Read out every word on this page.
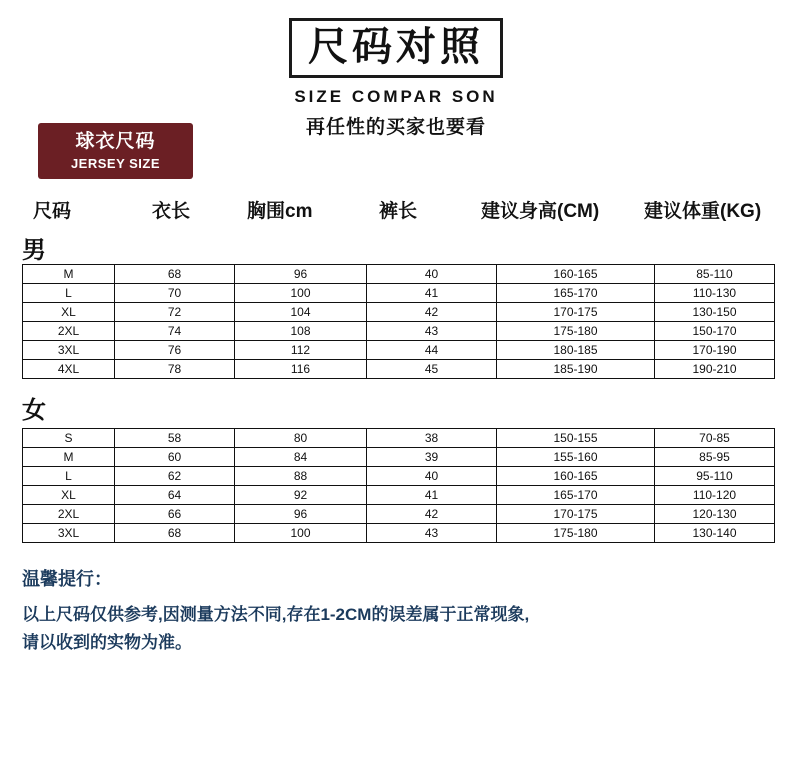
尺码对照
SIZE COMPAR SON
再任性的买家也要看
球衣尺码
JERSEY SIZE
尺码	衣长	胸围cm	裤长	建议身高(CM) 建议体重(KG)
男
M	68	96	40	160-165	85-110
L	70	100	41	165-170	110-130
XL	72	104	42	170-175	130-150
2XL	74	108	43	175-180	150-170
3XL	76	112	44	180-185	170-190
4XL	78	116	45	185-190	190-210
女
S	58	80	38	150-155	70-85
M	60	84	39	155-160	85-95
L	62	88	40	160-165	95-110
XL	64	92	41	165-170	110-120
2XL	66	96	42	170-175	120-130
3XL	68	100	43	175-180	130-140
温馨提行：
以上尺码仅供参考,因测量方法不同,存在1-2CM的误差属于正常现象,
请以收到的实物为准。
